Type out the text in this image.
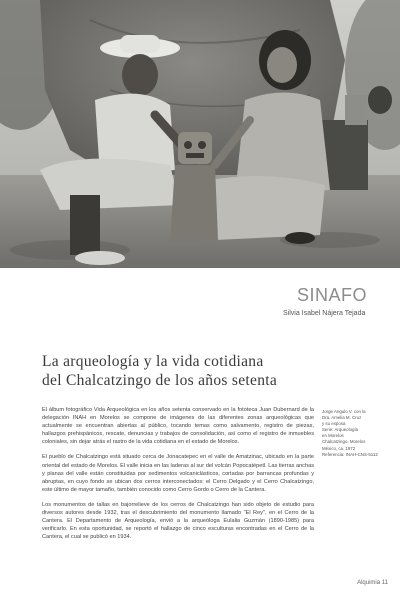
SINAFO
Silvia Isabel Nájera Tejada
La arqueología y la vida cotidiana
del Chalcatzingo de los años setenta

El álbum fotográfico Vida Arqueológica en los años setenta conservado en la fototeca Juan Dubernard de la delegación INAH en Morelos se compone de imágenes de las diferentes zonas arqueológicas que actualmente se encuentran abiertas al público, tocando temas como salvamento, registro de piezas, hallazgos prehispánicos, rescate, denuncias y trabajos de consolidación, así como el registro de inmuebles coloniales, sin dejar atrás el rastro de la vida cotidiana en el estado de Morelos.

El pueblo de Chalcatzingo está situado cerca de Jonacatepec en el valle de Amatzinac, ubicado en la parte oriental del estado de Morelos. El valle inicia en las laderas al sur del volcán Popocatépetl. Las tierras anchas y planas del valle están constituidas por sedimentos volcaniclásticos, cortadas por barrancas profundas y abruptas, en cuyo fondo se ubican dos cerros interconectados: el Cerro Delgado y el Cerro Chalcatzingo, este último de mayor tamaño, también conocido como Cerro Gordo o Cerro de la Cantera.

Los monumentos de tallas en bajorrelieve de los cerros de Chalcatzingo han sido objeto de estudio para diversos autores desde 1932, tras el descubrimiento del monumento llamado "El Rey", en el Cerro de la Cantera. El Departamento de Arqueología, envió a la arqueóloga Eulalia Guzmán (1890-1985) para verificarlo. En esta oportunidad, se reportó el hallazgo de cinco esculturas encontradas en el Cerro de la Cantera, el cual se publicó en 1934.

Jorge Angulo V. con la
Dra. Amelia M. Cruz
y su esposa
Serie: Arqueología
en Morelos
Chalcatzingo, Morelos
México, ca. 1972
Referencia: INAH-CNS-5112
Alquimia 11
